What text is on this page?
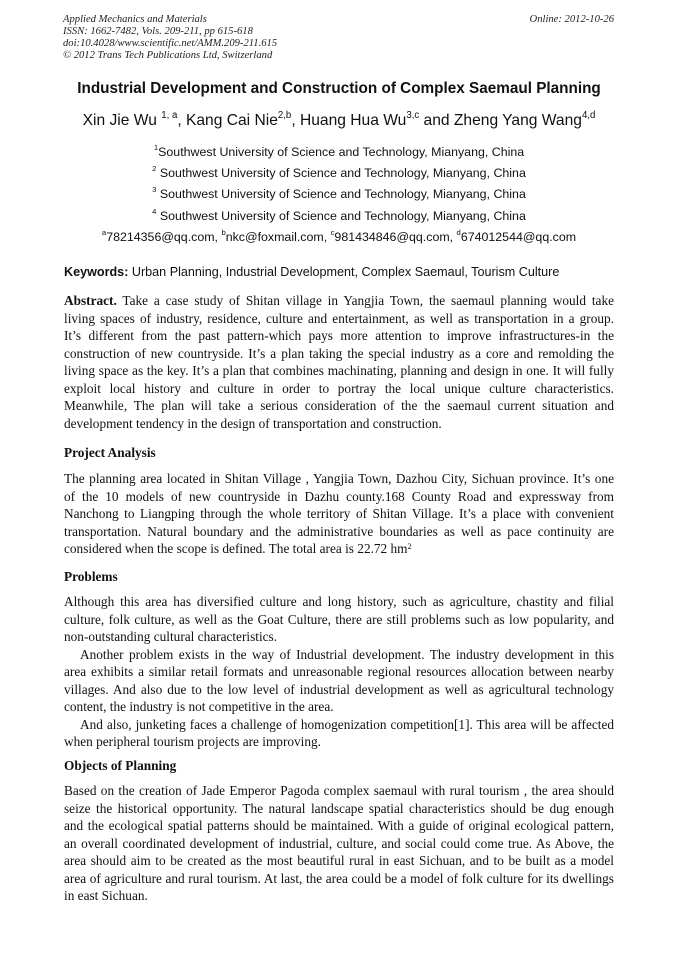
Applied Mechanics and Materials
ISSN: 1662-7482, Vols. 209-211, pp 615-618
doi:10.4028/www.scientific.net/AMM.209-211.615
© 2012 Trans Tech Publications Ltd, Switzerland
Online: 2012-10-26
Industrial Development and Construction of Complex Saemaul Planning
Xin Jie Wu $^{1, a}$, Kang Cai Nie$^{2,b}$, Huang Hua Wu$^{3,c}$ and Zheng Yang Wang$^{4,d}$
$^1$Southwest University of Science and Technology, Mianyang, China
$^2$ Southwest University of Science and Technology, Mianyang, China
$^3$ Southwest University of Science and Technology, Mianyang, China
$^4$ Southwest University of Science and Technology, Mianyang, China
$^a$78214356@qq.com, $^b$nkc@foxmail.com, $^c$981434846@qq.com, $^d$674012544@qq.com
Keywords: Urban Planning, Industrial Development, Complex Saemaul, Tourism Culture
Abstract. Take a case study of Shitan village in Yangjia Town, the saemaul planning would take
living spaces of industry, residence, culture and entertainment, as well as transportation in a group.
It’s different from the past pattern-which pays more attention to improve infrastructures-in the
construction of new countryside. It’s a plan taking the special industry as a core and remolding the
living space as the key. It’s a plan that combines machinating, planning and design in one. It will fully
exploit local history and culture in order to portray the local unique culture characteristics.
Meanwhile, The plan will take a serious consideration of the the saemaul current situation and
development tendency in the design of transportation and construction.
Project Analysis
The planning area located in Shitan Village , Yangjia Town, Dazhou City, Sichuan province. It’s one
of the 10 models of new countryside in Dazhu county.168 County Road and expressway from
Nanchong to Liangping through the whole territory of Shitan Village. It’s a place with convenient
transportation. Natural boundary and the administrative boundaries as well as pace continuity are
considered when the scope is defined. The total area is 22.72 $hm^2$
Problems
Although this area has diversified culture and long history, such as agriculture, chastity and filial
culture, folk culture, as well as the Goat Culture, there are still problems such as low popularity, and
non-outstanding cultural characteristics.
Another problem exists in the way of Industrial development. The industry development in this
area exhibits a similar retail formats and unreasonable regional resources allocation between nearby
villages. And also due to the low level of industrial development as well as agricultural technology
content, the industry is not competitive in the area.
And also, junketing faces a challenge of homogenization competition[1]. This area will be affected
when peripheral tourism projects are improving.
Objects of Planning
Based on the creation of Jade Emperor Pagoda complex saemaul with rural tourism , the area should
seize the historical opportunity. The natural landscape spatial characteristics should be dug enough
and the ecological spatial patterns should be maintained. With a guide of original ecological pattern,
an overall coordinated development of industrial, culture, and social could come true. As Above, the
area should aim to be created as the most beautiful rural in east Sichuan, and to be built as a model
area of agriculture and rural tourism. At last, the area could be a model of folk culture for its dwellings
in east Sichuan.
